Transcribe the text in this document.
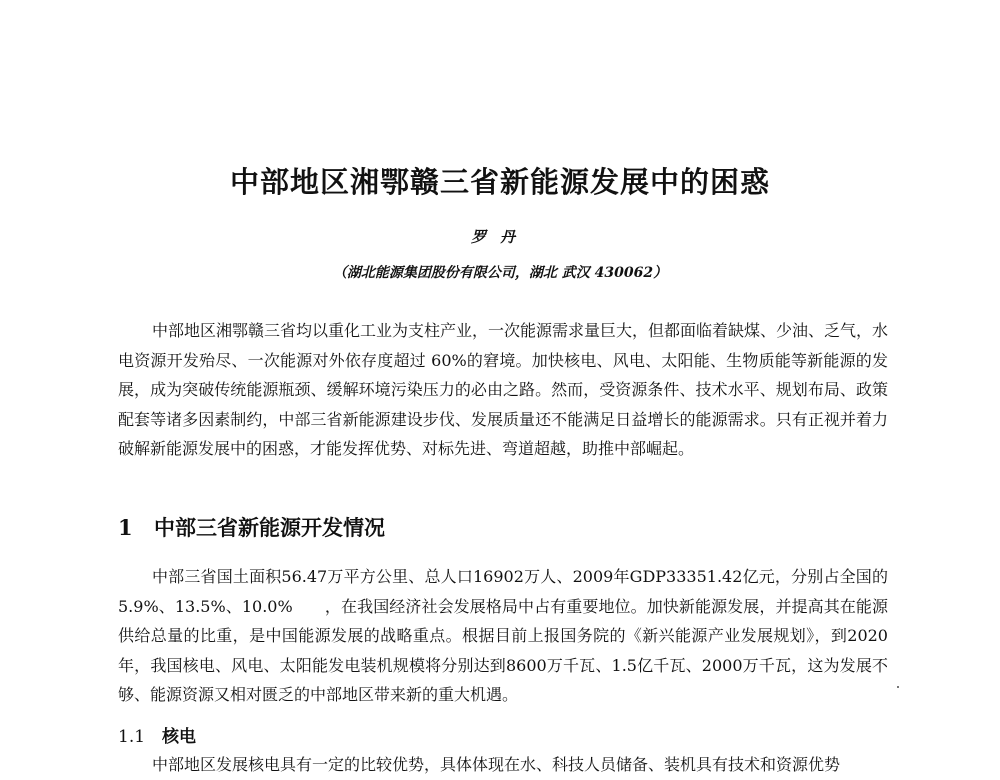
中部地区湘鄂赣三省新能源发展中的困惑
罗丹
（湖北能源集团股份有限公司，湖北 武汉 430062）

中部地区湘鄂赣三省均以重化工业为支柱产业，一次能源需求量巨大，但都面临着缺煤、少油、乏气，水电资源开发殆尽、一次能源对外依存度超过 60%的窘境。加快核电、风电、太阳能、生物质能等新能源的发展，成为突破传统能源瓶颈、缓解环境污染压力的必由之路。然而，受资源条件、技术水平、规划布局、政策配套等诸多因素制约，中部三省新能源建设步伐、发展质量还不能满足日益增长的能源需求。只有正视并着力破解新能源发展中的困惑，才能发挥优势、对标先进、弯道超越，助推中部崛起。

1 中部三省新能源开发情况

中部三省国土面积56.47万平方公里、总人口16902万人、2009年GDP33351.42亿元，分别占全国的5.9%、13.5%、10.0%　　，在我国经济社会发展格局中占有重要地位。加快新能源发展，并提高其在能源供给总量的比重，是中国能源发展的战略重点。根据目前上报国务院的《新兴能源产业发展规划》，到2020年，我国核电、风电、太阳能发电装机规模将分别达到8600万千瓦、1.5亿千瓦、2000万千瓦，这为发展不够、能源资源又相对匮乏的中部地区带来新的重大机遇。

1.1 核电

中部地区发展核电具有一定的比较优势，具体体现在水、科技人员储备、装机具有技术和资源优势
